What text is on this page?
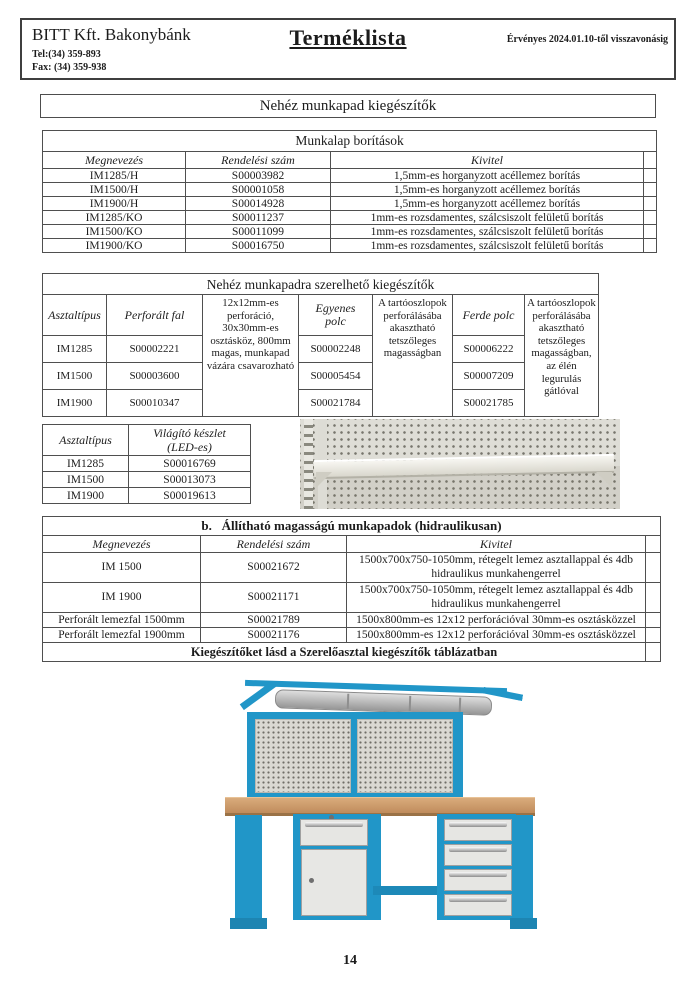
BITT Kft. Bakonybánk
Tel:(34) 359-893
Fax: (34) 359-938
Terméklista	Érvényes 2024.01.10-től visszavonásig
Nehéz munkapad kiegészítők
Munkalap borítások			
Megnevezés	Rendelési szám	Kivitel	
IM1285/H	S00003982	1,5mm-es horganyzott acéllemez borítás	
IM1500/H	S00001058	1,5mm-es horganyzott acéllemez borítás	
IM1900/H	S00014928	1,5mm-es horganyzott acéllemez borítás	
IM1285/KO	S00011237	1mm-es rozsdamentes, szálcsiszolt felületű borítás	
IM1500/KO	S00011099	1mm-es rozsdamentes, szálcsiszolt felületű borítás	
IM1900/KO	S00016750	1mm-es rozsdamentes, szálcsiszolt felületű borítás	
Nehéz munkapadra szerelhető kiegészítők						
Asztaltípus	Perforált fal	12x12mm-es perforáció, 30x30mm-es osztásköz, 800mm magas, munkapad vázára csavarozható	Egyenes polc	A tartóoszlopok perforálásába akasztható tetszőleges magasságban	Ferde polc	A tartóoszlopok perforálásába akasztható tetszőleges magasságban, az élén legurulás gátlóval
IM1285	S00002221		S00002248		S00006222	
IM1500	S00003600		S00005454		S00007209	
IM1900	S00010347		S00021784		S00021785	
Asztaltípus	Világító készlet
(LED-es)

IM1285	S00016769
IM1500	S00013073
IM1900	S00019613
b. Állítható magasságú munkapadok (hidraulikusan)			
Megnevezés	Rendelési szám	Kivitel	
IM 1500	S00021672	1500x700x750-1050mm, rétegelt lemez asztallappal és 4db hidraulikus munkahengerrel	
IM 1900	S00021171	1500x700x750-1050mm, rétegelt lemez asztallappal és 4db hidraulikus munkahengerrel	
Perforált lemezfal 1500mm	S00021789	1500x800mm-es 12x12 perforációval 30mm-es osztásközzel	
Perforált lemezfal 1900mm	S00021176	1500x800mm-es 12x12 perforációval 30mm-es osztásközzel	
Kiegészítőket lásd a Szerelőasztal kiegészítők táblázatban			
14
